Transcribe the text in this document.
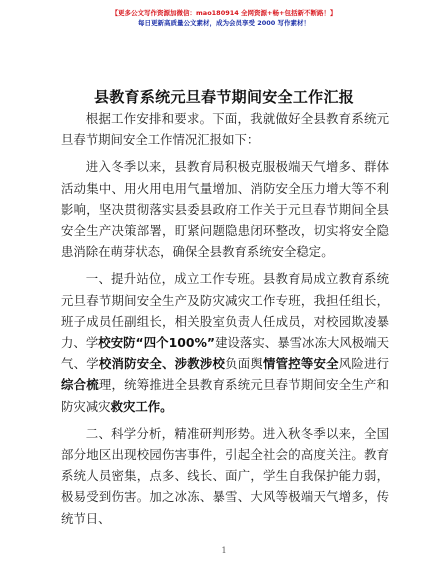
【更多公文写作资源加微信：mao180914 全网资源+畅+包括新不断路！】
每日更新高质量公文素材，成为会员享受 2000 写作素材！
县教育系统元旦春节期间安全工作汇报

根据工作安排和要求。下面，我就做好全县教育系统元旦春节期间安全工作情况汇报如下：

进入冬季以来，县教育局积极克服极端天气增多、群体活动集中、用火用电用气量增加、消防安全压力增大等不利影响，坚决贯彻落实县委县政府工作关于元旦春节期间全县安全生产决策部署，盯紧问题隐患闭环整改，切实将安全隐患消除在萌芽状态，确保全县教育系统安全稳定。

一、提升站位，成立工作专班。县教育局成立教育系统元旦春节期间安全生产及防灾减灾工作专班，我担任组长，班子成员任副组长，相关股室负责人任成员，对校园欺凌暴力、学校安防“四个100%”建设落实、暴雪冰冻大风极端天气、学校消防安全、涉教涉校负面舆情管控等安全风险进行综合梳理，统筹推进全县教育系统元旦春节期间安全生产和防灾减灾救灾工作。

二、科学分析，精准研判形势。进入秋冬季以来，全国部分地区出现校园伤害事件，引起全社会的高度关注。教育系统人员密集，点多、线长、面广，学生自我保护能力弱，极易受到伤害。加之冰冻、暴雪、大风等极端天气增多，传统节日、

1
